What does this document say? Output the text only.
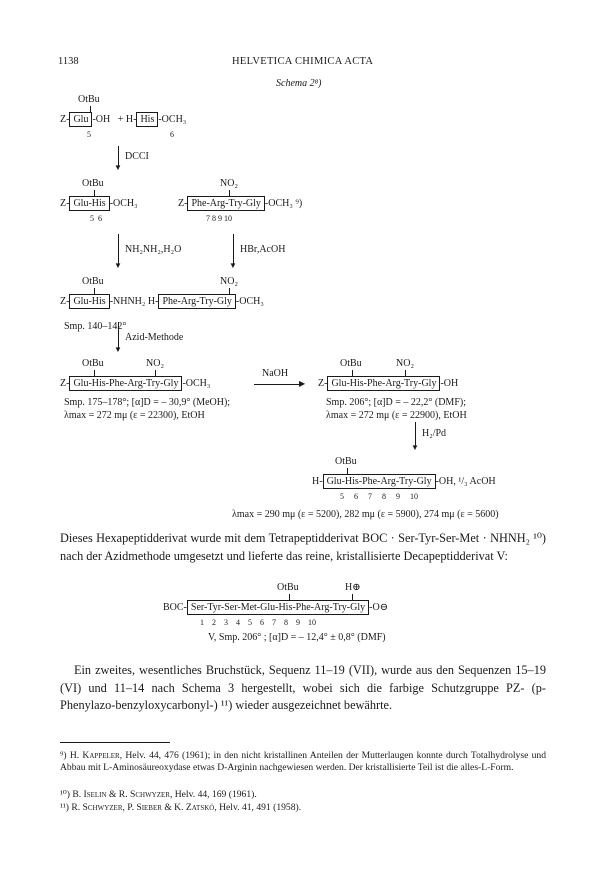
1138	HELVETICA CHIMICA ACTA
Schema 2⁸)
OtBu
Z- Glu -OH + H- His -OCH₃
5	6
▼
DCCI
OtBu	NO₂
Z- Glu-His -OCH₃	Z- Phe-Arg-Try-Gly -OCH₃ ⁹)
5 6	7 8 9 10
▼
NH₂NH₂,H₂O
▼
HBr,AcOH
OtBu	NO₂
Z- Glu-His -NHNH₂ H- Phe-Arg-Try-Gly -OCH₃
Smp. 140–142°
▼
Azid-Methode
OtBu	NO₂
Z- Glu-His-Phe-Arg-Try-Gly -OCH₃
Smp. 175–178°; [α]D = – 30,9° (MeOH);
λmax = 272 mμ (ε = 22300), EtOH
NaOH
▶
OtBu	NO₂
Z- Glu-His-Phe-Arg-Try-Gly -OH
Smp. 206°; [α]D = – 22,2° (DMF);
λmax = 272 mμ (ε = 22900), EtOH
▼
H₂/Pd
OtBu
H- Glu-His-Phe-Arg-Try-Gly -OH, ¹/₃ AcOH
5     6     7     8     9     10
λmax = 290 mμ (ε = 5200), 282 mμ (ε = 5900), 274 mμ (ε = 5600)
Dieses Hexapeptidderivat wurde mit dem Tetrapeptidderivat BOC · Ser-Tyr-Ser-Met · NHNH₂ ¹⁰) nach der Azidmethode umgesetzt und lieferte das reine, kristallisierte Decapeptidderivat V:
OtBu	H⊕
BOC- Ser-Tyr-Ser-Met-Glu-His-Phe-Arg-Try-Gly -O⊖
1    2    3    4    5    6    7    8    9    10
V, Smp. 206° ; [α]D = – 12,4° ± 0,8° (DMF)
Ein zweites, wesentliches Bruchstück, Sequenz 11–19 (VII), wurde aus den Sequenzen 15–19 (VI) und 11–14 nach Schema 3 hergestellt, wobei sich die farbige Schutzgruppe PZ- (p-Phenylazo-benzyloxycarbonyl-) ¹¹) wieder ausgezeichnet bewährte.
⁹) H. Kappeler, Helv. 44, 476 (1961); in den nicht kristallinen Anteilen der Mutterlaugen konnte durch Totalhydrolyse und Abbau mit L-Aminosäureoxydase etwas D-Arginin nachgewiesen werden. Der kristallisierte Teil ist die alles-L-Form.
¹⁰) B. Iselin & R. Schwyzer, Helv. 44, 169 (1961).
¹¹) R. Schwyzer, P. Sieber & K. Zatskó, Helv. 41, 491 (1958).
